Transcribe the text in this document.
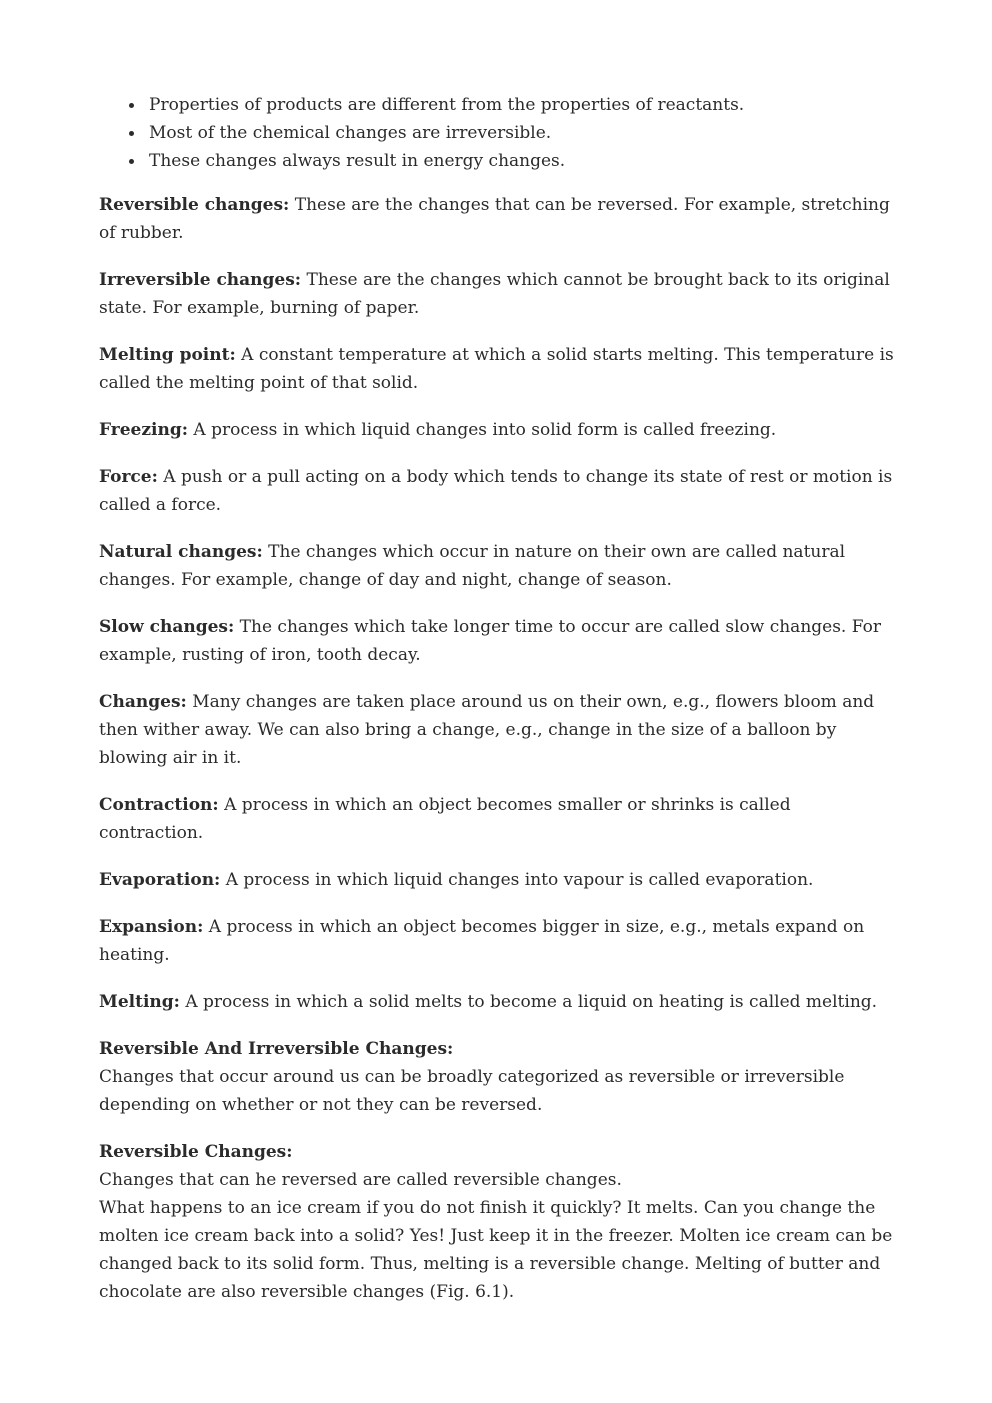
Properties of products are different from the properties of reactants.
Most of the chemical changes are irreversible.
These changes always result in energy changes.

Reversible changes: These are the changes that can be reversed. For example, stretching of rubber.

Irreversible changes: These are the changes which cannot be brought back to its original state. For example, burning of paper.

Melting point: A constant temperature at which a solid starts melting. This temperature is called the melting point of that solid.

Freezing: A process in which liquid changes into solid form is called freezing.

Force: A push or a pull acting on a body which tends to change its state of rest or motion is called a force.

Natural changes: The changes which occur in nature on their own are called natural changes. For example, change of day and night, change of season.

Slow changes: The changes which take longer time to occur are called slow changes. For example, rusting of iron, tooth decay.

Changes: Many changes are taken place around us on their own, e.g., flowers bloom and then wither away. We can also bring a change, e.g., change in the size of a balloon by blowing air in it.

Contraction: A process in which an object becomes smaller or shrinks is called contraction.

Evaporation: A process in which liquid changes into vapour is called evaporation.

Expansion: A process in which an object becomes bigger in size, e.g., metals expand on heating.

Melting: A process in which a solid melts to become a liquid on heating is called melting.

Reversible And Irreversible Changes:
Changes that occur around us can be broadly categorized as reversible or irreversible depending on whether or not they can be reversed.
Reversible Changes:
Changes that can he reversed are called reversible changes.
What happens to an ice cream if you do not finish it quickly? It melts. Can you change the molten ice cream back into a solid? Yes! Just keep it in the freezer. Molten ice cream can be changed back to its solid form. Thus, melting is a reversible change. Melting of butter and chocolate are also reversible changes (Fig. 6.1).
